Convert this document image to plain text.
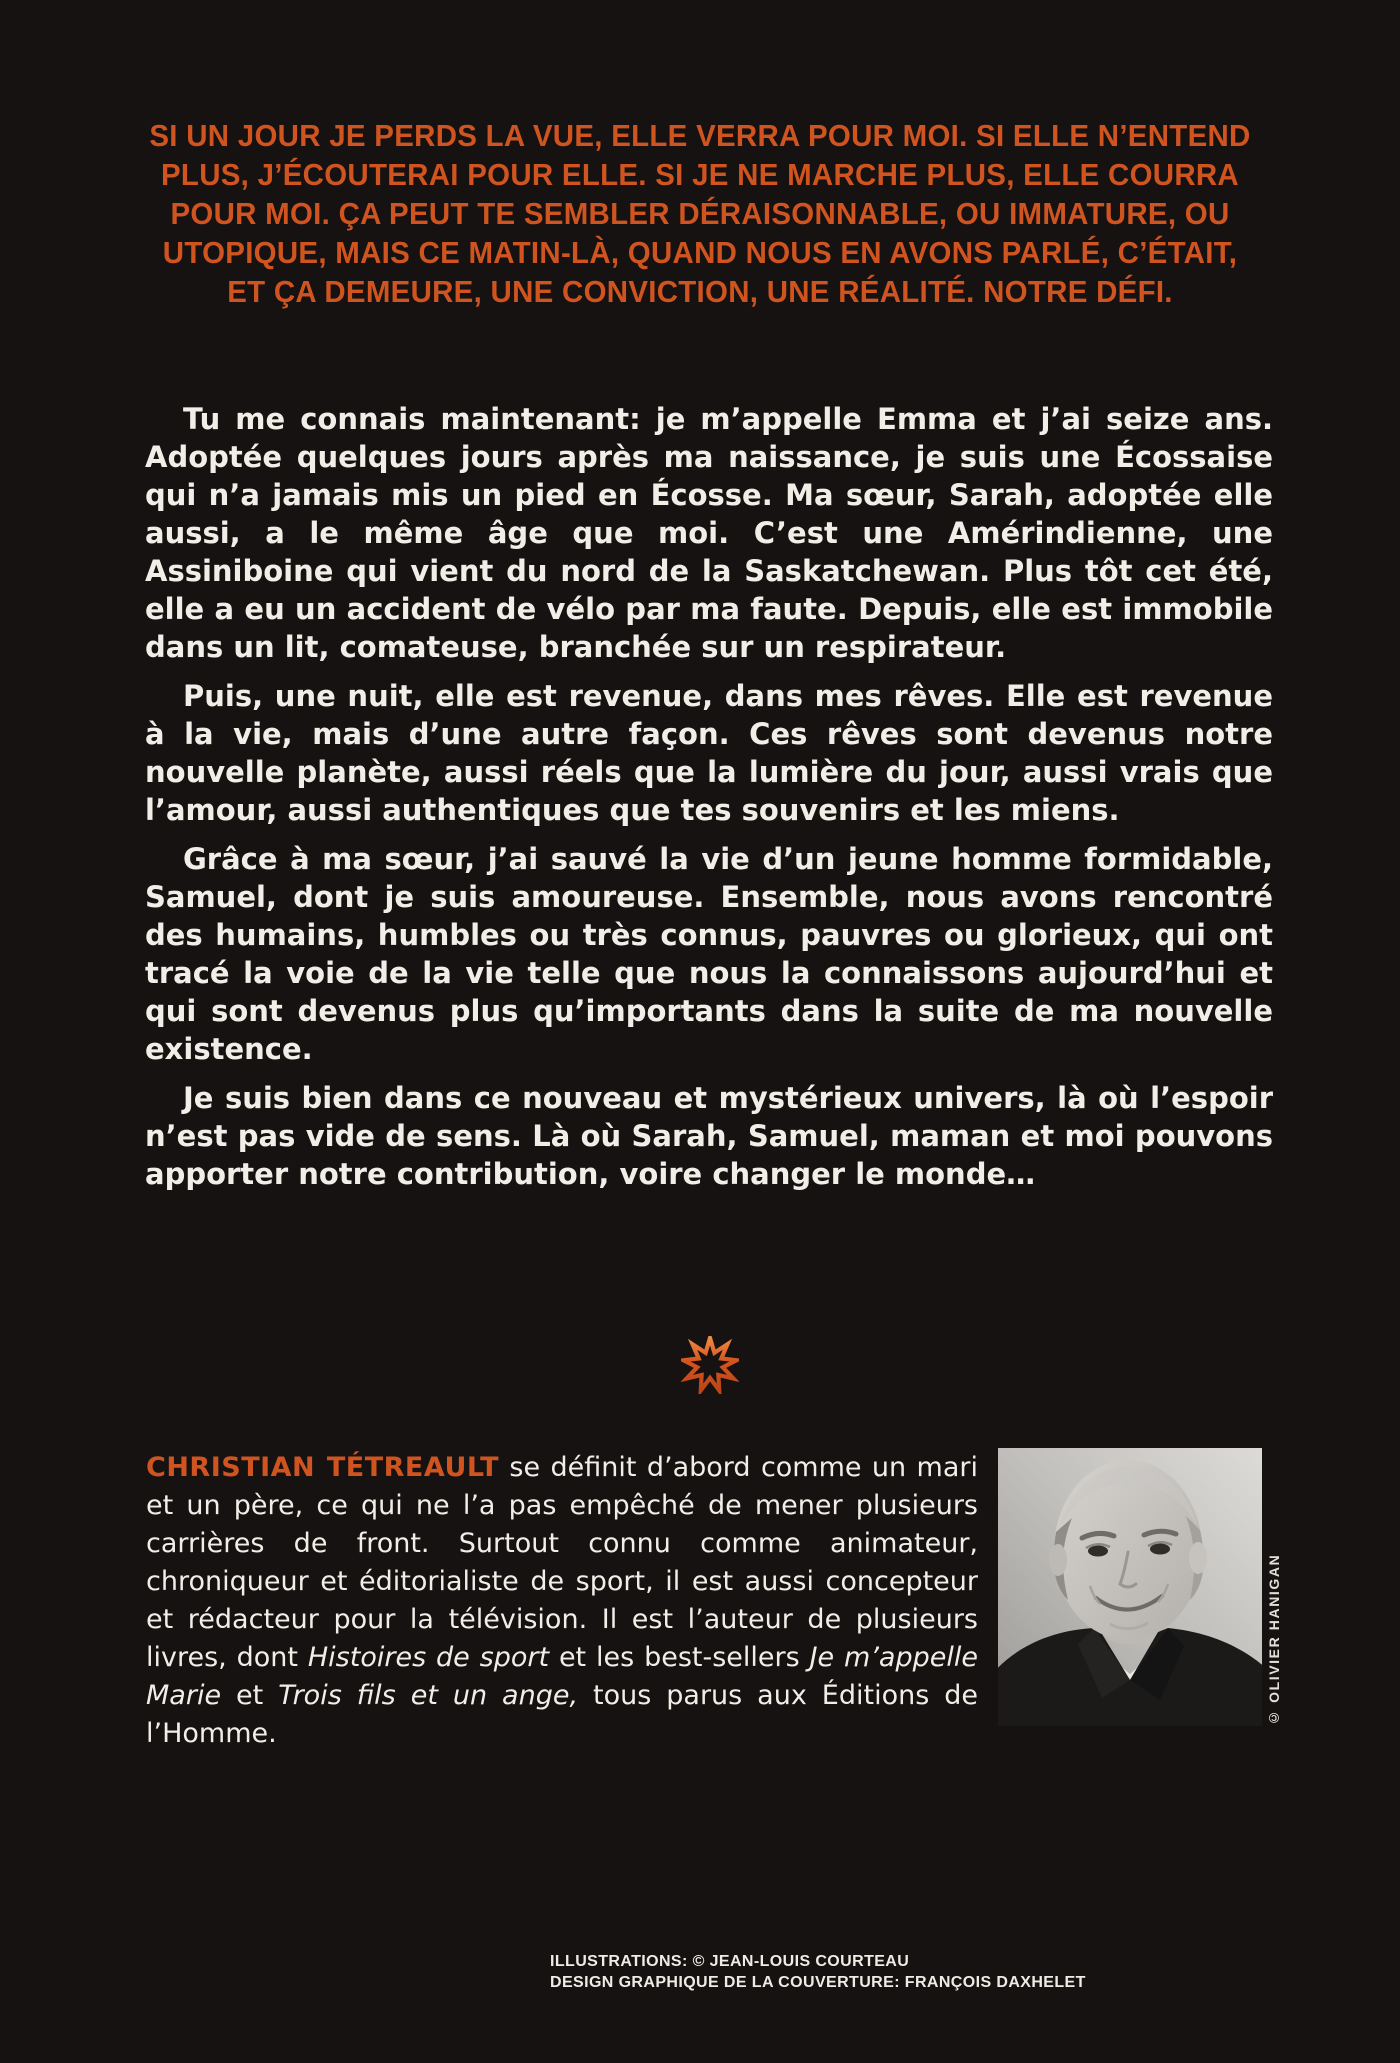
SI UN JOUR JE PERDS LA VUE, ELLE VERRA POUR MOI. SI ELLE N’ENTEND
PLUS, J’ÉCOUTERAI POUR ELLE. SI JE NE MARCHE PLUS, ELLE COURRA
POUR MOI. ÇA PEUT TE SEMBLER DÉRAISONNABLE, OU IMMATURE, OU
UTOPIQUE, MAIS CE MATIN-LÀ, QUAND NOUS EN AVONS PARLÉ, C’ÉTAIT,
ET ÇA DEMEURE, UNE CONVICTION, UNE RÉALITÉ. NOTRE DÉFI.

Tu me connais maintenant: je m’appelle Emma et j’ai seize ans. Adoptée quelques jours après ma naissance, je suis une Écossaise qui n’a jamais mis un pied en Écosse. Ma sœur, Sarah, adoptée elle aussi, a le même âge que moi. C’est une Amérindienne, une Assiniboine qui vient du nord de la Saskatchewan. Plus tôt cet été, elle a eu un accident de vélo par ma faute. Depuis, elle est immobile dans un lit, comateuse, branchée sur un respirateur.

Puis, une nuit, elle est revenue, dans mes rêves. Elle est revenue à la vie, mais d’une autre façon. Ces rêves sont devenus notre nouvelle planète, aussi réels que la lumière du jour, aussi vrais que l’amour, aussi authentiques que tes souvenirs et les miens.

Grâce à ma sœur, j’ai sauvé la vie d’un jeune homme formidable, Samuel, dont je suis amoureuse. Ensemble, nous avons rencontré des humains, humbles ou très connus, pauvres ou glorieux, qui ont tracé la voie de la vie telle que nous la connaissons aujourd’hui et qui sont devenus plus qu’importants dans la suite de ma nouvelle existence.

Je suis bien dans ce nouveau et mystérieux univers, là où l’espoir n’est pas vide de sens. Là où Sarah, Samuel, maman et moi pouvons apporter notre contribution, voire changer le monde…

CHRISTIAN TÉTREAULT se définit d’abord comme un mari et un père, ce qui ne l’a pas empêché de mener plusieurs carrières de front. Surtout connu comme animateur, chroniqueur et éditorialiste de sport, il est aussi concepteur et rédacteur pour la télévision. Il est l’auteur de plusieurs livres, dont Histoires de sport et les best-sellers Je m’appelle Marie et Trois fils et un ange, tous parus aux Éditions de l’Homme.
© OLIVIER HANIGAN
ILLUSTRATIONS: © JEAN-LOUIS COURTEAU
DESIGN GRAPHIQUE DE LA COUVERTURE: FRANÇOIS DAXHELET
